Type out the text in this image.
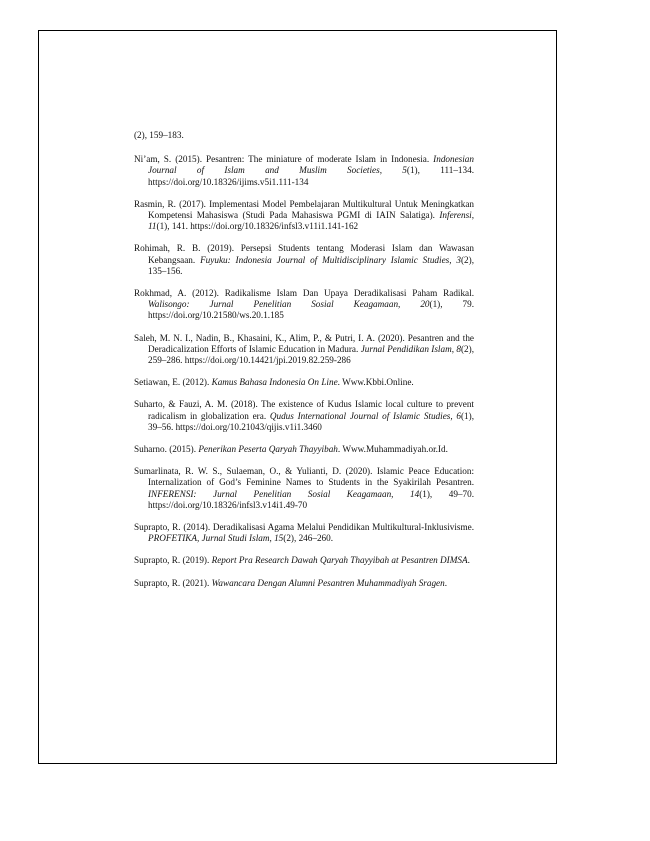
(2), 159–183.

Ni’am, S. (2015). Pesantren: The miniature of moderate Islam in Indonesia. Indonesian Journal of Islam and Muslim Societies, 5(1), 111–134. https://doi.org/10.18326/ijims.v5i1.111-134

Rasmin, R. (2017). Implementasi Model Pembelajaran Multikultural Untuk Meningkatkan Kompetensi Mahasiswa (Studi Pada Mahasiswa PGMI di IAIN Salatiga). Inferensi, 11(1), 141. https://doi.org/10.18326/infsl3.v11i1.141-162

Rohimah, R. B. (2019). Persepsi Students tentang Moderasi Islam dan Wawasan Kebangsaan. Fuyuku: Indonesia Journal of Multidisciplinary Islamic Studies, 3(2), 135–156.

Rokhmad, A. (2012). Radikalisme Islam Dan Upaya Deradikalisasi Paham Radikal. Walisongo: Jurnal Penelitian Sosial Keagamaan, 20(1), 79. https://doi.org/10.21580/ws.20.1.185

Saleh, M. N. I., Nadin, B., Khasaini, K., Alim, P., & Putri, I. A. (2020). Pesantren and the Deradicalization Efforts of Islamic Education in Madura. Jurnal Pendidikan Islam, 8(2), 259–286. https://doi.org/10.14421/jpi.2019.82.259-286

Setiawan, E. (2012). Kamus Bahasa Indonesia On Line. Www.Kbbi.Online.

Suharto, & Fauzi, A. M. (2018). The existence of Kudus Islamic local culture to prevent radicalism in globalization era. Qudus International Journal of Islamic Studies, 6(1), 39–56. https://doi.org/10.21043/qijis.v1i1.3460

Suharno. (2015). Penerikan Peserta Qaryah Thayyibah. Www.Muhammadiyah.or.Id.

Sumarlinata, R. W. S., Sulaeman, O., & Yulianti, D. (2020). Islamic Peace Education: Internalization of God’s Feminine Names to Students in the Syakirilah Pesantren. INFERENSI: Jurnal Penelitian Sosial Keagamaan, 14(1), 49–70. https://doi.org/10.18326/infsl3.v14i1.49-70

Suprapto, R. (2014). Deradikalisasi Agama Melalui Pendidikan Multikultural-Inklusivisme. PROFETIKA, Jurnal Studi Islam, 15(2), 246–260.

Suprapto, R. (2019). Report Pra Research Dawah Qaryah Thayyibah at Pesantren DIMSA.

Suprapto, R. (2021). Wawancara Dengan Alumni Pesantren Muhammadiyah Sragen.
